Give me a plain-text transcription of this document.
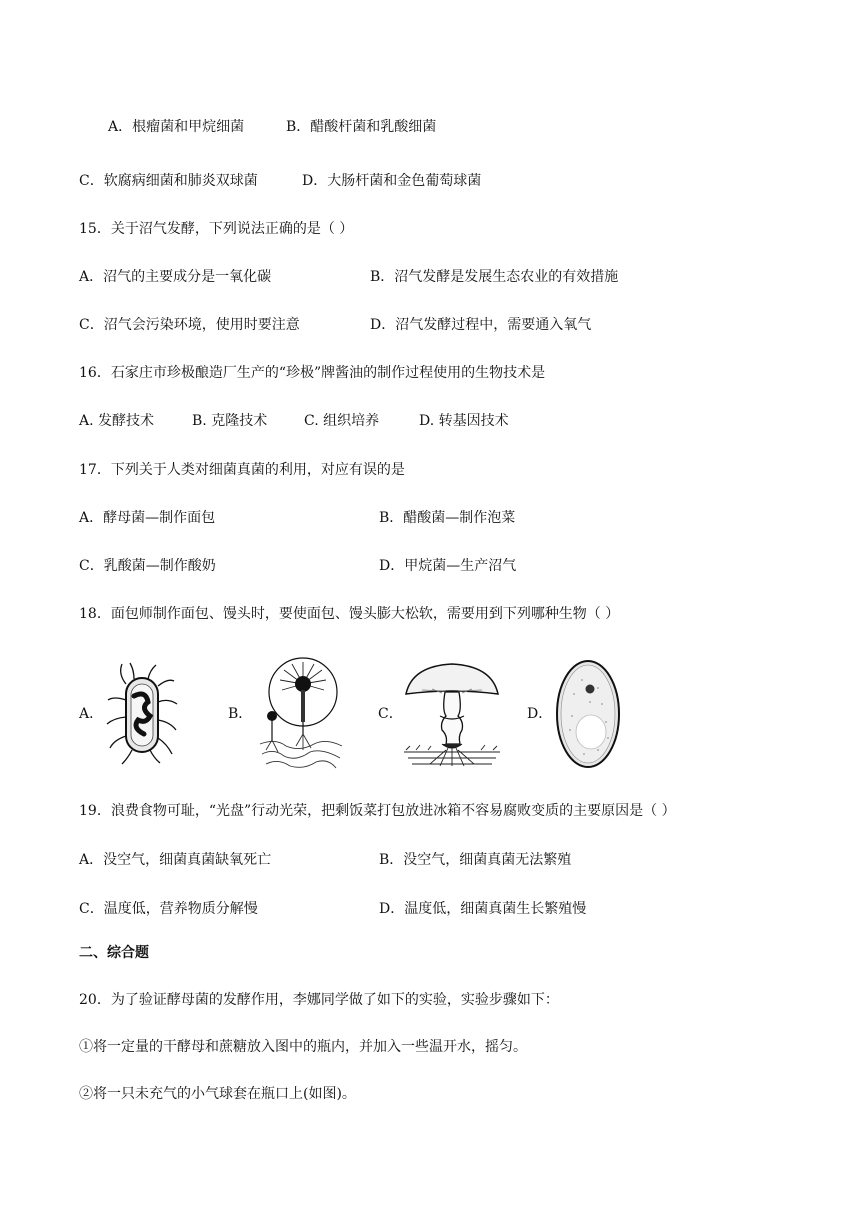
A．根瘤菌和甲烷细菌	B．醋酸杆菌和乳酸细菌
C．软腐病细菌和肺炎双球菌	D．大肠杆菌和金色葡萄球菌
15．关于沼气发酵，下列说法正确的是（ ）
A．沼气的主要成分是一氧化碳	B．沼气发酵是发展生态农业的有效措施
C．沼气会污染环境，使用时要注意	D．沼气发酵过程中，需要通入氧气
16．石家庄市珍极酿造厂生产的“珍极”牌酱油的制作过程使用的生物技术是
A. 发酵技术	B. 克隆技术	C. 组织培养	D. 转基因技术
17．下列关于人类对细菌真菌的利用，对应有误的是
A．酵母菌—制作面包	B．醋酸菌—制作泡菜
C．乳酸菌—制作酸奶	D．甲烷菌—生产沼气
18．面包师制作面包、馒头时，要使面包、馒头膨大松软，需要用到下列哪种生物（ ）
A．	B．	C．	D．
19．浪费食物可耻，“光盘”行动光荣，把剩饭菜打包放进冰箱不容易腐败变质的主要原因是（ ）
A．没空气，细菌真菌缺氧死亡	B．没空气，细菌真菌无法繁殖
C．温度低，营养物质分解慢	D．温度低，细菌真菌生长繁殖慢
二、综合题
20．为了验证酵母菌的发酵作用，李娜同学做了如下的实验，实验步骤如下：
①将一定量的干酵母和蔗糖放入图中的瓶内，并加入一些温开水，摇匀。
②将一只未充气的小气球套在瓶口上(如图)。
